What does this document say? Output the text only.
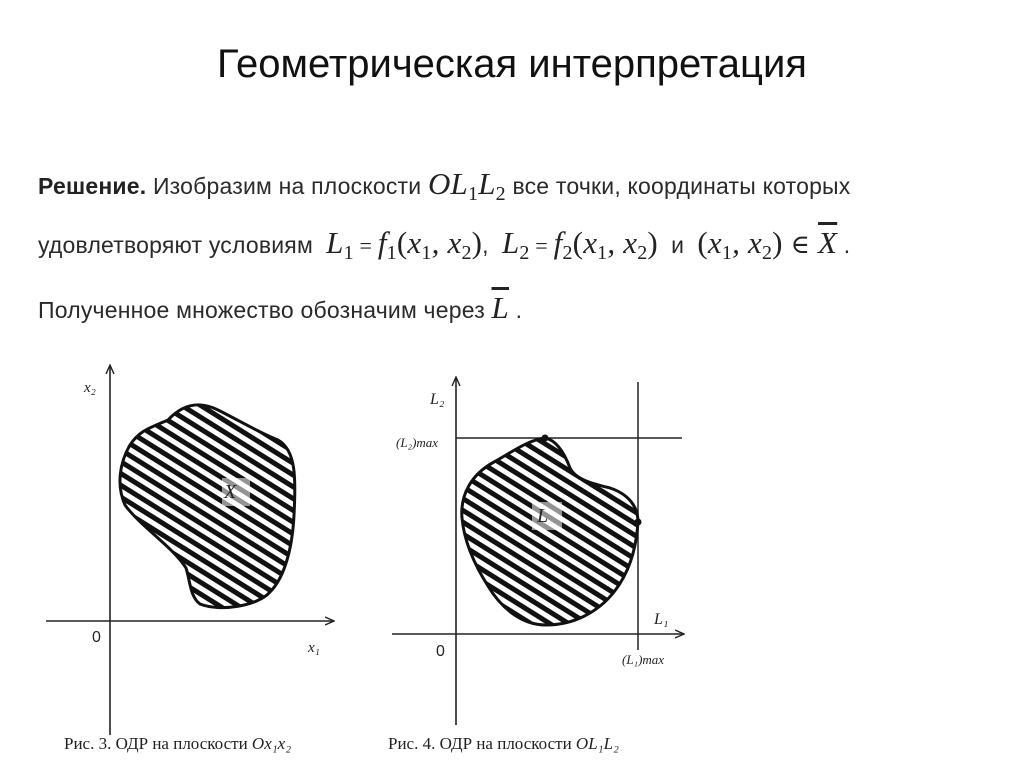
Геометрическая интерпретация
Решение. Изобразим на плоскости $OL_1L_2$ все точки, координаты которых
удовлетворяют условиям $L_1 = f_1(x_1$, $x_2$), $L_2 = f_2(x_1$, $x_2$) и ($x_1$, $x_2$) ∈ $\overline{X}$ .
Полученное множество обозначим через $\overline{L}$ .
X
x₂
x₁
0
L
L₂
L₁
(L₂)max
(L₁)max
0
Рис. 3. ОДР на плоскости Ox₁x₂	Рис. 4. ОДР на плоскости OL₁L₂
